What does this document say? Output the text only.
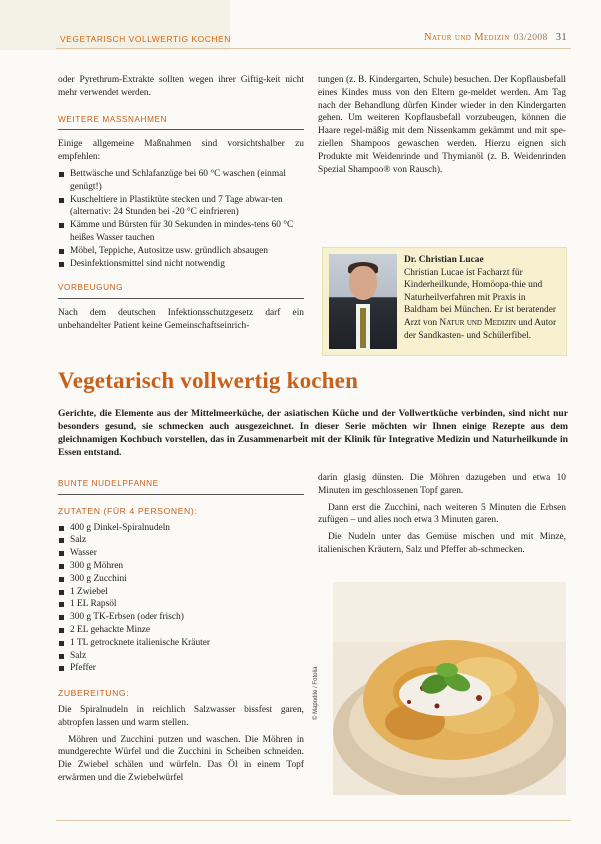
VEGETARISCH VOLLWERTIG KOCHEN	Natur und Medizin 03/2008 31

oder Pyrethrum-Extrakte sollten wegen ihrer Giftig-keit nicht mehr verwendet werden.

WEITERE MASSNAHMEN

Einige allgemeine Maßnahmen sind vorsichtshalber zu empfehlen:

Bettwäsche und Schlafanzüge bei 60 °C waschen (einmal genügt!)
Kuscheltiere in Plastiktüte stecken und 7 Tage abwar-ten (alternativ: 24 Stunden bei -20 °C einfrieren)
Kämme und Bürsten für 30 Sekunden in mindes-tens 60 °C heißes Wasser tauchen
Möbel, Teppiche, Autositze usw. gründlich absaugen
Desinfektionsmittel sind nicht notwendig
VORBEUGUNG

Nach dem deutschen Infektionsschutzgesetz darf ein unbehandelter Patient keine Gemeinschaftseinrich-

tungen (z. B. Kindergarten, Schule) besuchen. Der Kopflausbefall eines Kindes muss von den Eltern ge-meldet werden. Am Tag nach der Behandlung dürfen Kinder wieder in den Kindergarten gehen. Um weiteren Kopflausbefall vorzubeugen, können die Haare regel-mäßig mit dem Nissenkamm gekämmt und mit spe-ziellen Shampoos gewaschen werden. Hierzu eignen sich Produkte mit Weidenrinde und Thymianöl (z. B. Weidenrinden Spezial Shampoo® von Rausch).

Dr. Christian Lucae
Christian Lucae ist Facharzt für Kinderheilkunde, Homöopa-thie und Naturheilverfahren mit Praxis in Baldham bei München. Er ist beratender Arzt von Natur und Medizin und Autor der Sandkasten- und Schülerfibel.
Vegetarisch vollwertig kochen
Gerichte, die Elemente aus der Mittelmeerküche, der asiatischen Küche und der Vollwertküche verbinden, sind nicht nur besonders gesund, sie schmecken auch ausgezeichnet. In dieser Serie möchten wir Ihnen einige Rezepte aus dem gleichnamigen Kochbuch vorstellen, das in Zusammenarbeit mit der Klinik für Integrative Medizin und Naturheilkunde in Essen entstand.
BUNTE NUDELPFANNE
ZUTATEN (FÜR 4 PERSONEN):
400 g Dinkel-Spiralnudeln
Salz
Wasser
300 g Möhren
300 g Zucchini
1 Zwiebel
1 EL Rapsöl
300 g TK-Erbsen (oder frisch)
2 EL gehackte Minze
1 TL getrocknete italienische Kräuter
Salz
Pfeffer
ZUBEREITUNG:

Die Spiralnudeln in reichlich Salzwasser bissfest garen, abtropfen lassen und warm stellen.

Möhren und Zucchini putzen und waschen. Die Möhren in mundgerechte Würfel und die Zucchini in Scheiben schneiden. Die Zwiebel schälen und würfeln. Das Öl in einem Topf erwärmen und die Zwiebelwürfel

darin glasig dünsten. Die Möhren dazugeben und etwa 10 Minuten im geschlossenen Topf garen.

Dann erst die Zucchini, nach weiteren 5 Minuten die Erbsen zufügen – und alles noch etwa 3 Minuten garen.

Die Nudeln unter das Gemüse mischen und mit Minze, italienischen Kräutern, Salz und Pfeffer ab-schmecken.

© Mapodile / Fotolia
